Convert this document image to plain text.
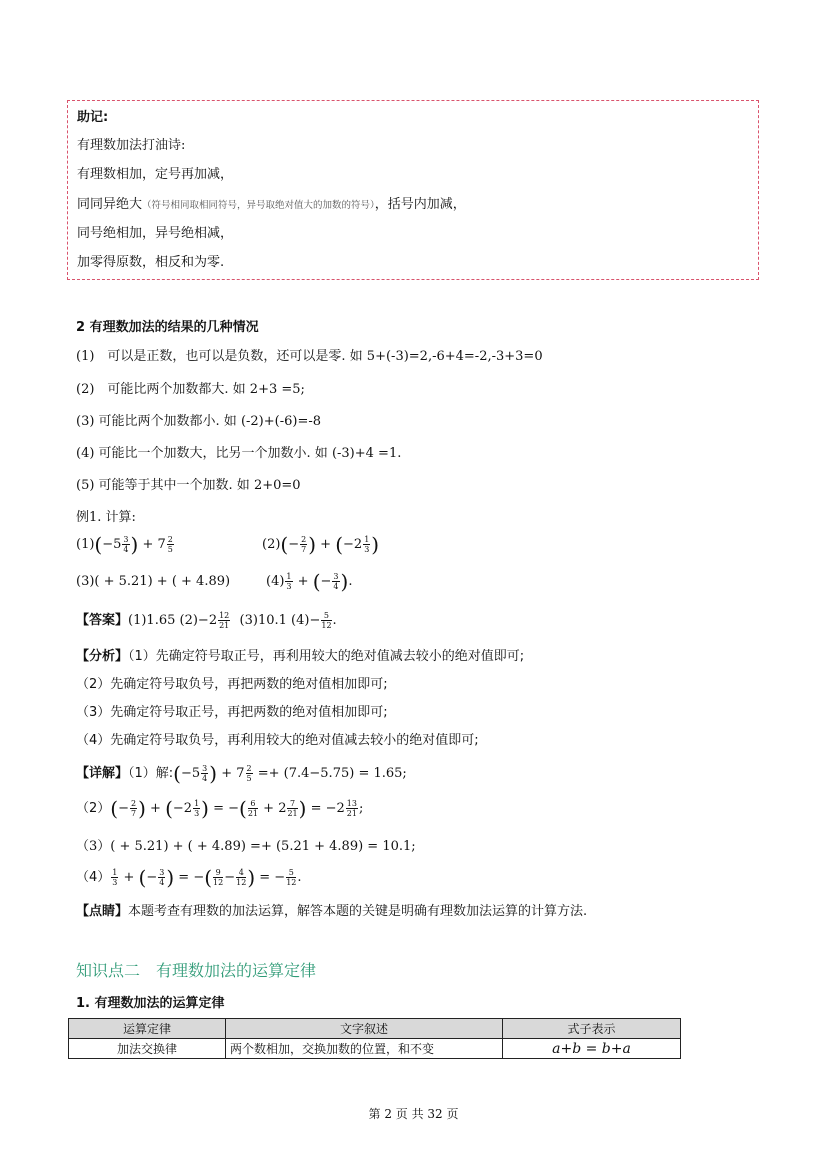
助记:
有理数加法打油诗:
有理数相加，定号再加减，
同同异绝大（符号相同取相同符号，异号取绝对值大的加数的符号），括号内加减，
同号绝相加，异号绝相减，
加零得原数，相反和为零.
2 有理数加法的结果的几种情况
(1)　可以是正数，也可以是负数，还可以是零. 如 5+(-3)=2,-6+4=-2,-3+3=0
(2)　可能比两个加数都大. 如 2+3 =5;
(3) 可能比两个加数都小. 如 (-2)+(-6)=-8
(4) 可能比一个加数大，比另一个加数小. 如 (-3)+4 =1.
(5) 可能等于其中一个加数. 如 2+0=0
例1. 计算:
$(1)(-5 \frac{3}{4}$ ) + $7 \frac{2}{5}$	$(2)(- \frac{2}{7}$ ) + ($-2 \frac{1}{3}$ )
(3)( + 5.21) + ( + 4.89)	$(4) \frac{1}{3}$ + (− $\frac{3}{4}$ ).
【答案】(1)1.65 $(2)-2 \frac{12}{21} (3)10.1$ $(4)- \frac{5}{12}$ .
【分析】（1）先确定符号取正号，再利用较大的绝对值减去较小的绝对值即可;
（2）先确定符号取负号，再把两数的绝对值相加即可;
（3）先确定符号取正号，再把两数的绝对值相加即可;
（4）先确定符号取负号，再利用较大的绝对值减去较小的绝对值即可;
【详解】（1）解:(−5 $\frac{3}{4}$ ) + $7 \frac{2}{5} =+ (7.4-5.75) = 1.65$;
$(2)(- \frac{2}{7}$ ) + ($-2 \frac{1}{3}$ ) = −( $\frac{6}{21} + 2 \frac{7}{21}$ ) = $-2 \frac{13}{21}$ ;
（3）( + 5.21) + ( + 4.89) =+ (5.21 + 4.89) = 10.1;
$(4) \frac{1}{3}$ + (− $\frac{3}{4}$ ) = −( $\frac{9}{12} - \frac{4}{12}$ ) = − $\frac{5}{12}$ .
【点睛】本题考查有理数的加法运算，解答本题的关键是明确有理数加法运算的计算方法.
知识点二　有理数加法的运算定律
1. 有理数加法的运算定律
运算定律	文字叙述	式子表示
加法交换律	两个数相加，交换加数的位置，和不变	a+b = b+a
第 2 页 共 32 页
